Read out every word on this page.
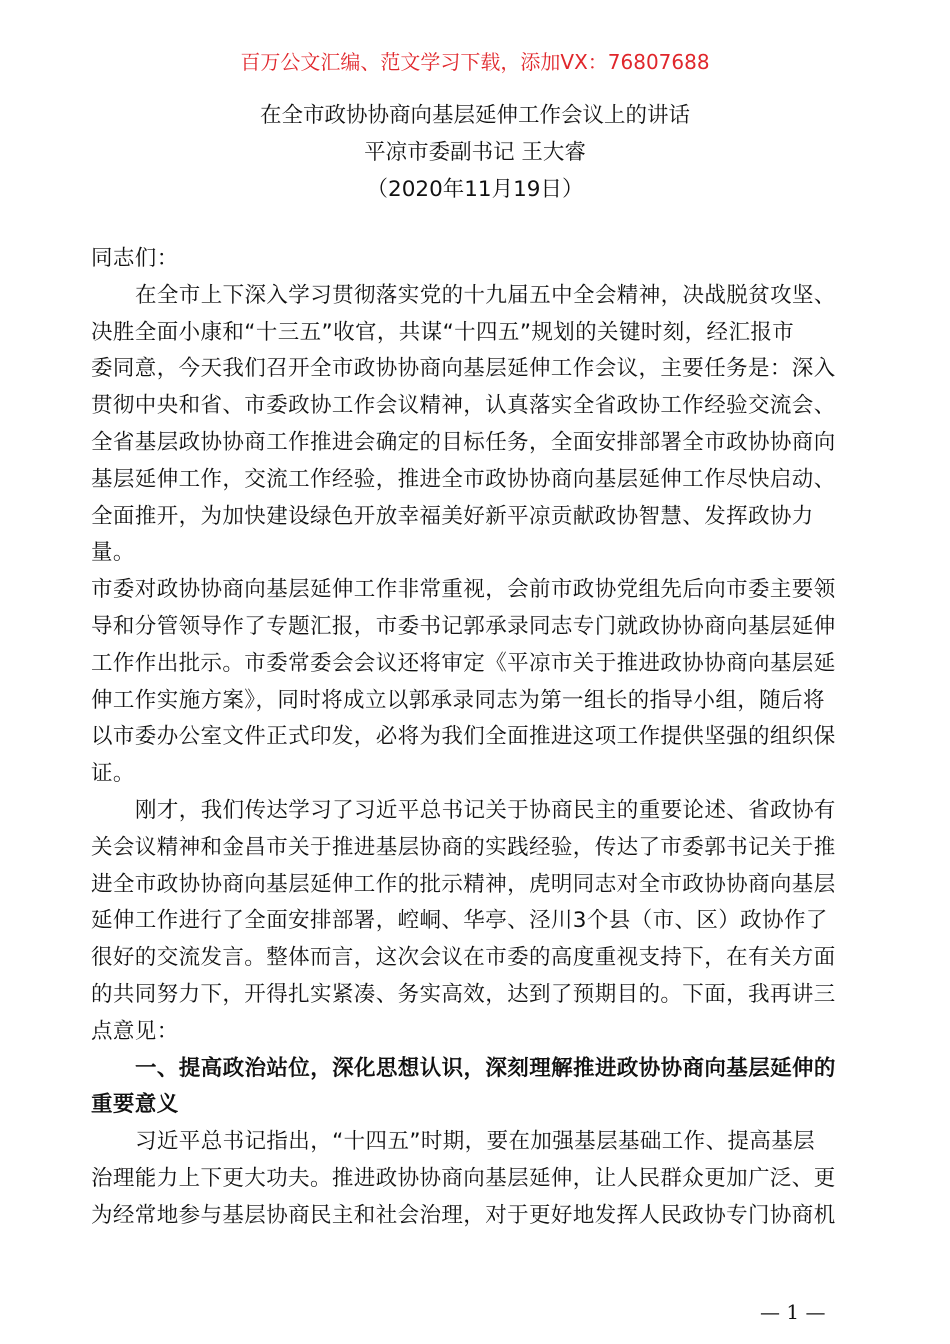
百万公文汇编、范文学习下载，添加VX：76807688
在全市政协协商向基层延伸工作会议上的讲话
平凉市委副书记 王大睿
（2020年11月19日）
同志们：
在全市上下深入学习贯彻落实党的十九届五中全会精神，决战脱贫攻坚、
决胜全面小康和“十三五”收官，共谋“十四五”规划的关键时刻，经汇报市
委同意，今天我们召开全市政协协商向基层延伸工作会议，主要任务是：深入
贯彻中央和省、市委政协工作会议精神，认真落实全省政协工作经验交流会、
全省基层政协协商工作推进会确定的目标任务，全面安排部署全市政协协商向
基层延伸工作，交流工作经验，推进全市政协协商向基层延伸工作尽快启动、
全面推开，为加快建设绿色开放幸福美好新平凉贡献政协智慧、发挥政协力
量。
市委对政协协商向基层延伸工作非常重视，会前市政协党组先后向市委主要领
导和分管领导作了专题汇报，市委书记郭承录同志专门就政协协商向基层延伸
工作作出批示。市委常委会会议还将审定《平凉市关于推进政协协商向基层延
伸工作实施方案》，同时将成立以郭承录同志为第一组长的指导小组，随后将
以市委办公室文件正式印发，必将为我们全面推进这项工作提供坚强的组织保
证。
刚才，我们传达学习了习近平总书记关于协商民主的重要论述、省政协有
关会议精神和金昌市关于推进基层协商的实践经验，传达了市委郭书记关于推
进全市政协协商向基层延伸工作的批示精神，虎明同志对全市政协协商向基层
延伸工作进行了全面安排部署，崆峒、华亭、泾川3个县（市、区）政协作了
很好的交流发言。整体而言，这次会议在市委的高度重视支持下，在有关方面
的共同努力下，开得扎实紧凑、务实高效，达到了预期目的。下面，我再讲三
点意见：
一、提高政治站位，深化思想认识，深刻理解推进政协协商向基层延伸的
重要意义
习近平总书记指出，“十四五”时期，要在加强基层基础工作、提高基层
治理能力上下更大功夫。推进政协协商向基层延伸，让人民群众更加广泛、更
为经常地参与基层协商民主和社会治理，对于更好地发挥人民政协专门协商机
— 1 —
